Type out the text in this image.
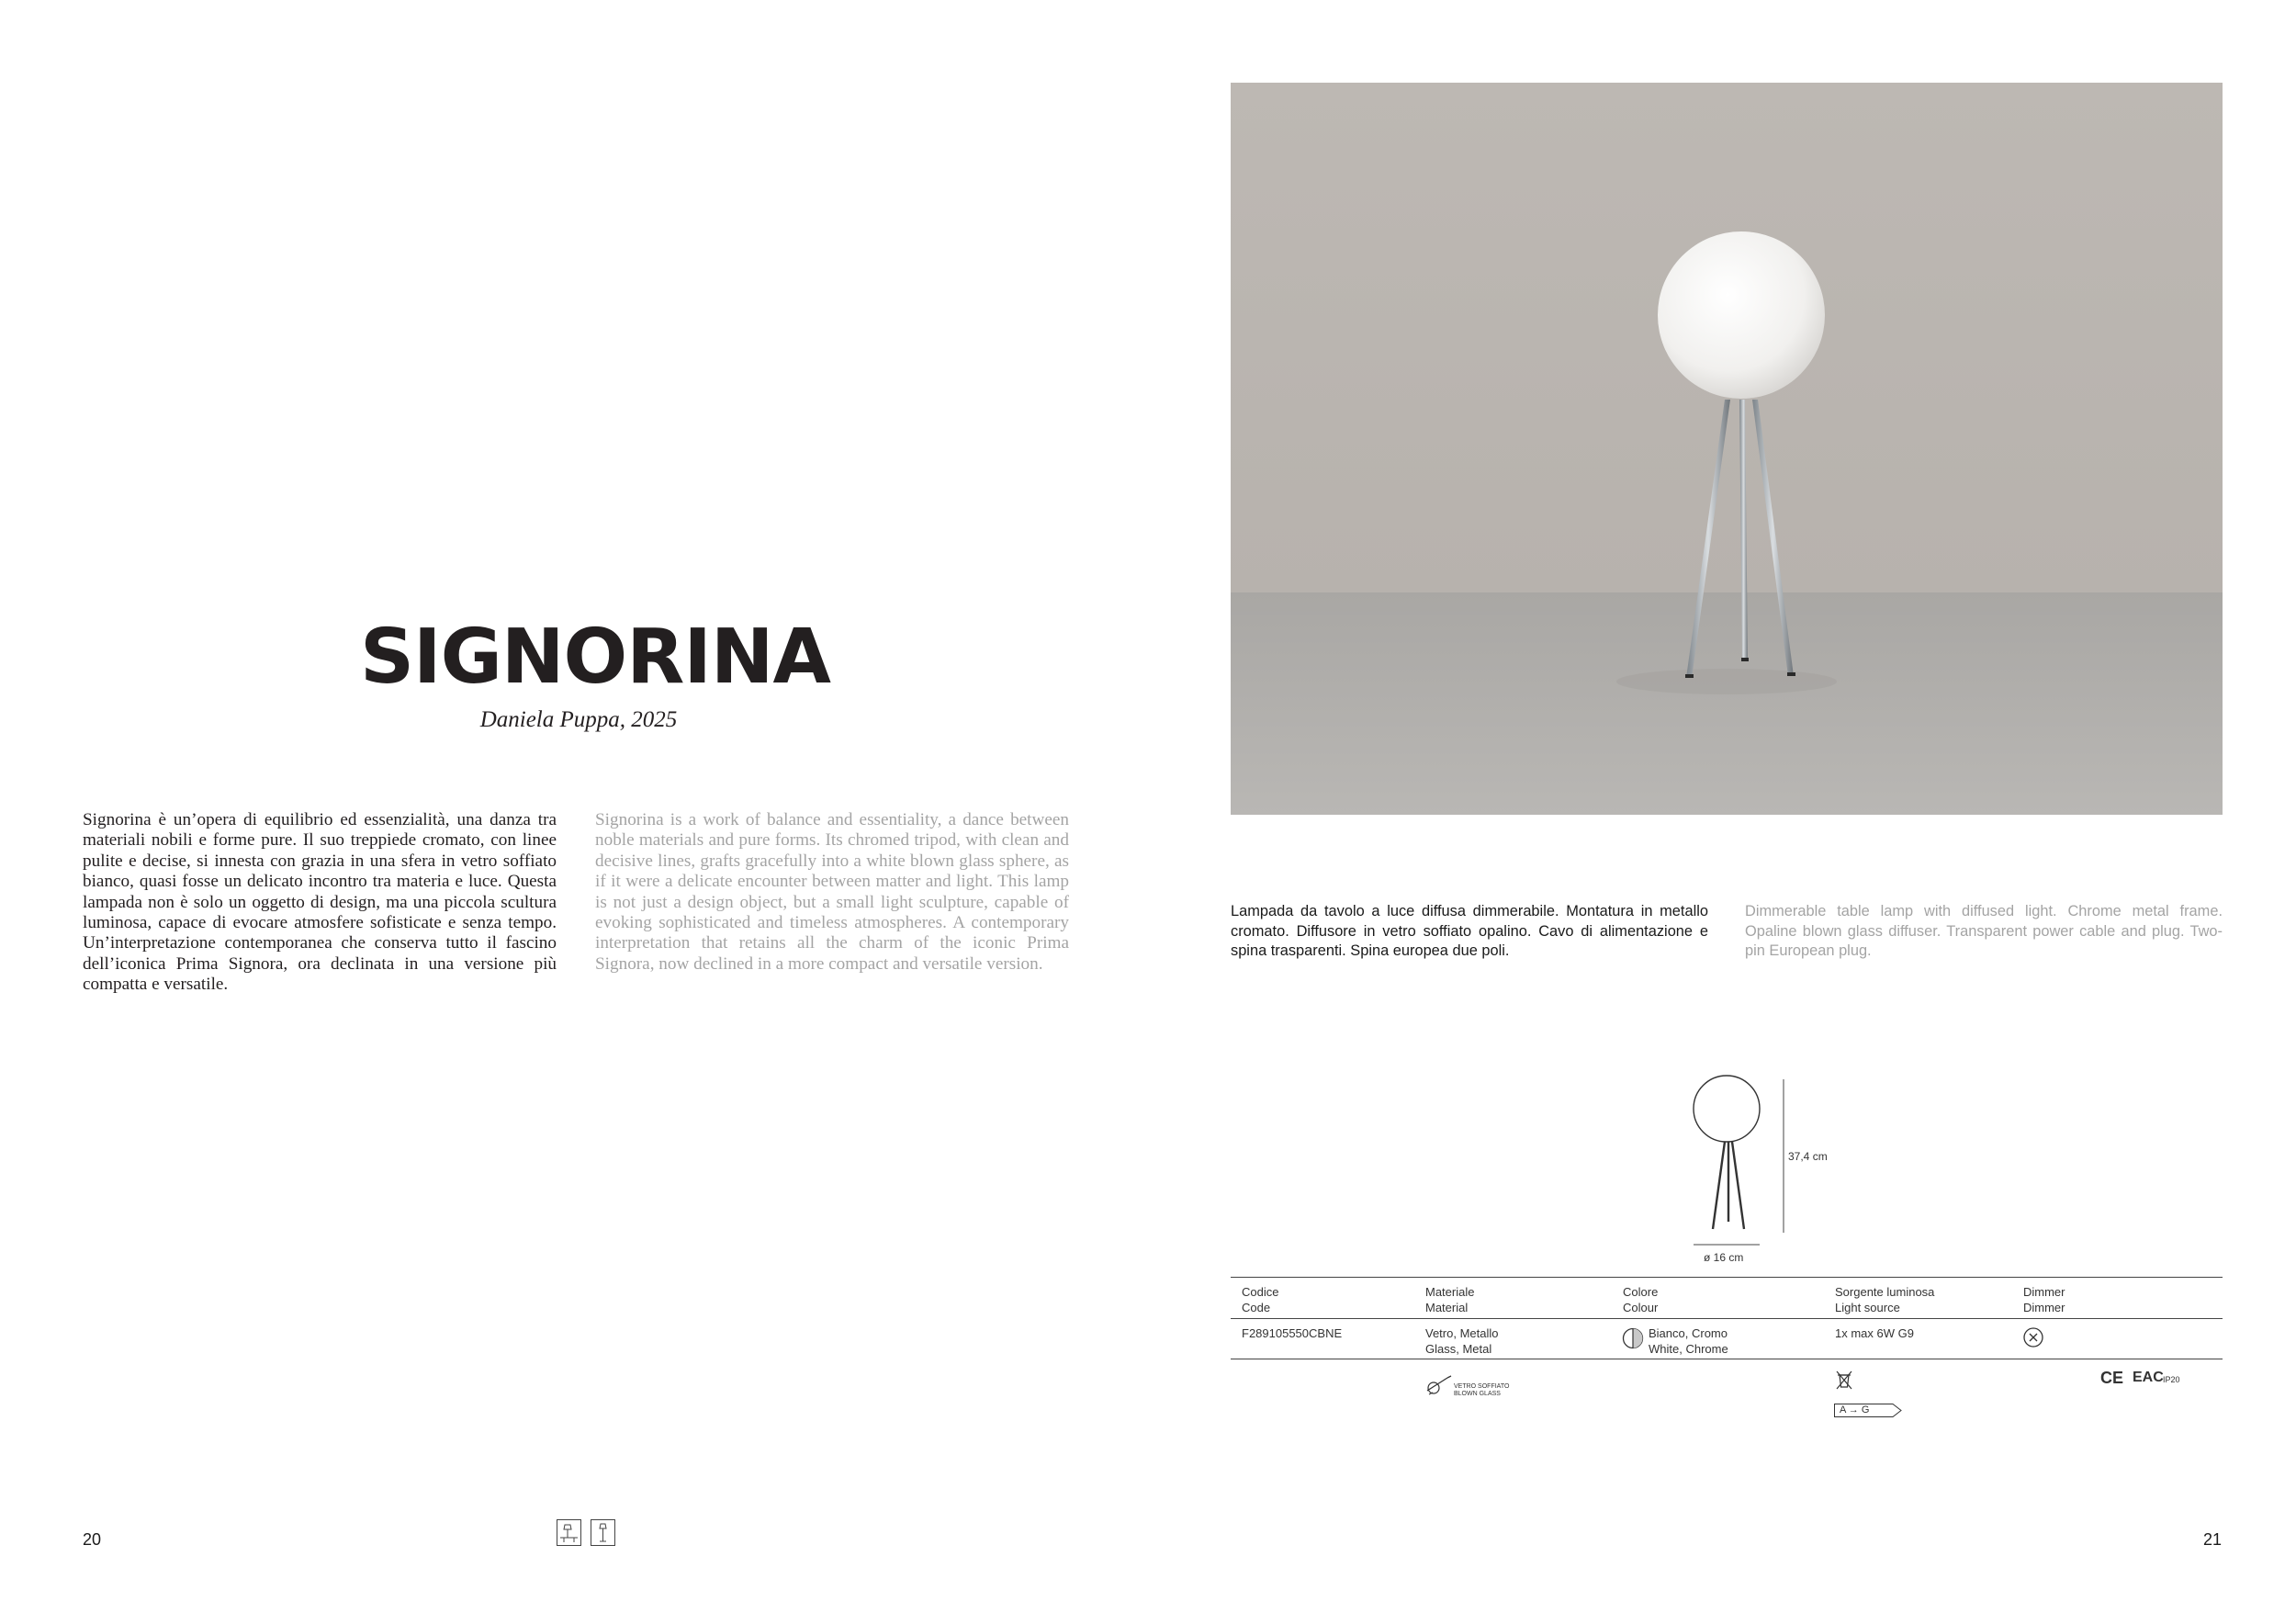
SIGNORINA
Daniela Puppa, 2025
Signorina è un’opera di equilibrio ed essenzialità, una danza tra materiali nobili e forme pure. Il suo treppiede cromato, con linee pulite e decise, si innesta con grazia in una sfera in vetro soffiato bianco, quasi fosse un delicato incontro tra materia e luce. Questa lampada non è solo un oggetto di design, ma una piccola scultura luminosa, capace di evocare atmosfere sofisticate e senza tempo. Un’interpretazione contemporanea che conserva tutto il fascino dell’iconica Prima Signora, ora declinata in una versione più compatta e versatile.
Signorina is a work of balance and essentiality, a dance between noble materials and pure forms. Its chromed tripod, with clean and decisive lines, grafts gracefully into a white blown glass sphere, as if it were a delicate encounter between matter and light. This lamp is not just a design object, but a small light sculpture, capable of evoking sophisticated and timeless atmospheres. A contemporary interpretation that retains all the charm of the iconic Prima Signora, now declined in a more compact and versatile version.
20
Lampada da tavolo a luce diffusa dimmerabile. Montatura in metallo cromato. Diffusore in vetro soffiato opalino. Cavo di alimentazione e spina trasparenti. Spina europea due poli.
Dimmerable table lamp with diffused light. Chrome metal frame. Opaline blown glass diffuser. Transparent power cable and plug. Two-pin European plug.
37,4 cm
ø 16 cm
Codice
Code
Materiale
Material
Colore
Colour
Sorgente luminosa
Light source
Dimmer
Dimmer
F289105550CBNE	Vetro, Metallo
Glass, Metal
Bianco, Cromo
White, Chrome
1x max 6W G9
VETRO SOFFIATO
BLOWN GLASS
A → G
CE EAC IP20
21
